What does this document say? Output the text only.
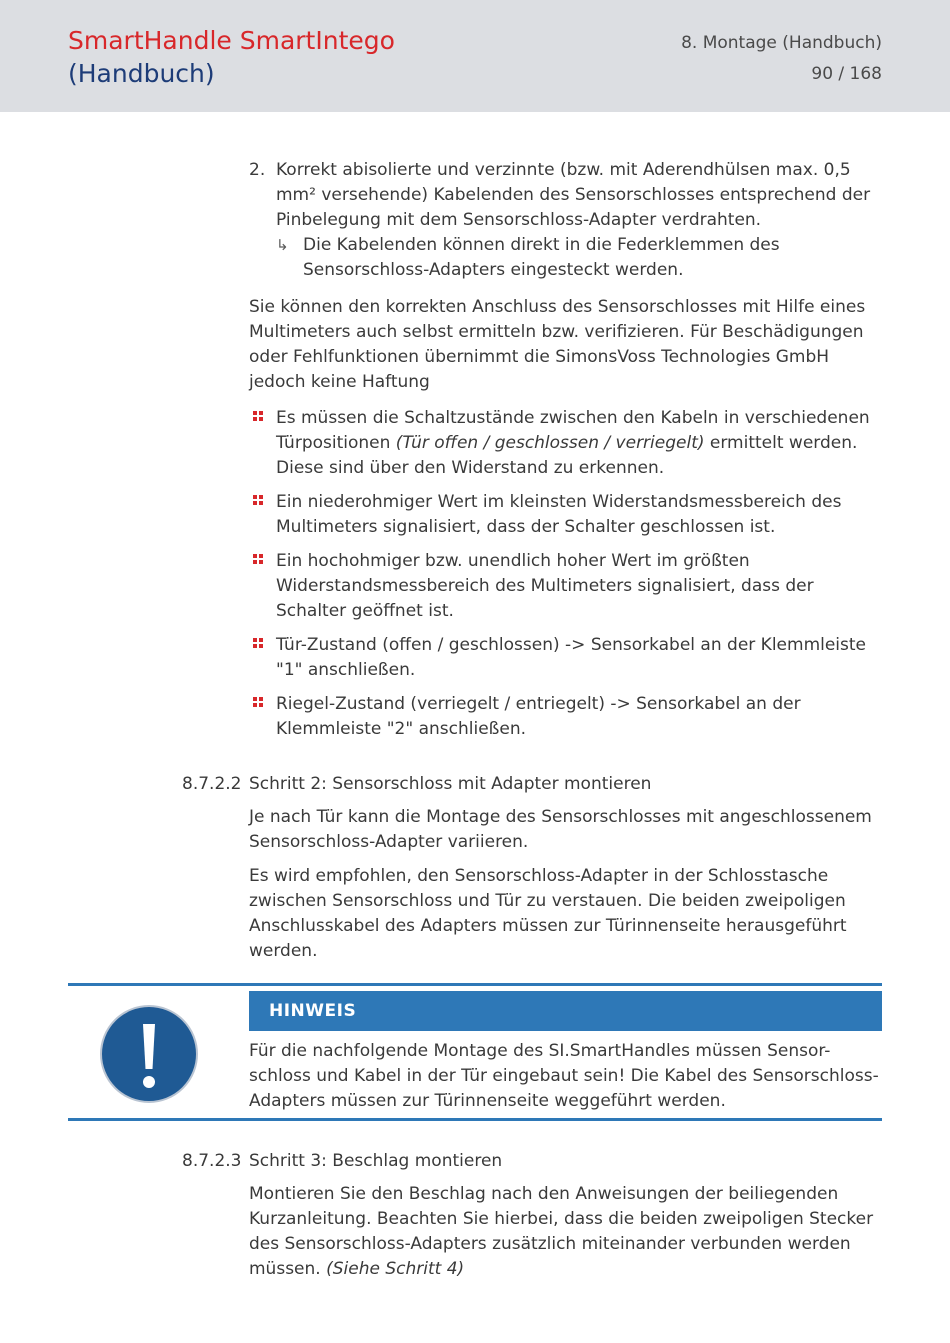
SmartHandle SmartIntego
(Handbuch)
8. Montage (Handbuch)
90 / 168
2. Korrekt abisolierte und verzinnte (bzw. mit Aderendhülsen max. 0,5 mm² versehende) Kabelenden des Sensorschlosses entsprechend der Pinbelegung mit dem Sensorschloss-Adapter verdrahten.

↳ Die Kabelenden können direkt in die Federklemmen des Sensorschloss-Adapters eingesteckt werden.

Sie können den korrekten Anschluss des Sensorschlosses mit Hilfe eines Multimeters auch selbst ermitteln bzw. verifizieren. Für Beschädigungen oder Fehlfunktionen übernimmt die SimonsVoss Technologies GmbH jedoch keine Haftung

Es müssen die Schaltzustände zwischen den Kabeln in verschiedenen Türpositionen (Tür offen / geschlossen / verriegelt) ermittelt werden. Diese sind über den Widerstand zu erkennen.
Ein niederohmiger Wert im kleinsten Widerstandsmessbereich des Multimeters signalisiert, dass der Schalter geschlossen ist.
Ein hochohmiger bzw. unendlich hoher Wert im größten Widerstandsmessbereich des Multimeters signalisiert, dass der Schalter geöffnet ist.
Tür-Zustand (offen / geschlossen) -> Sensorkabel an der Klemmleiste "1" anschließen.
Riegel-Zustand (verriegelt / entriegelt) -> Sensorkabel an der Klemmleiste "2" anschließen.
8.7.2.2 Schritt 2: Sensorschloss mit Adapter montieren

Je nach Tür kann die Montage des Sensorschlosses mit angeschlossenem Sensorschloss-Adapter variieren.

Es wird empfohlen, den Sensorschloss-Adapter in der Schlosstasche zwischen Sensorschloss und Tür zu verstauen. Die beiden zweipoligen Anschlusskabel des Adapters müssen zur Türinnenseite herausgeführt werden.

HINWEIS

Für die nachfolgende Montage des SI.SmartHandles müssen Sensor-schloss und Kabel in der Tür eingebaut sein! Die Kabel des Sensorschloss-Adapters müssen zur Türinnenseite weggeführt werden.

8.7.2.3 Schritt 3: Beschlag montieren

Montieren Sie den Beschlag nach den Anweisungen der beiliegenden Kurzanleitung. Beachten Sie hierbei, dass die beiden zweipoligen Stecker des Sensorschloss-Adapters zusätzlich miteinander verbunden werden müssen. (Siehe Schritt 4)
